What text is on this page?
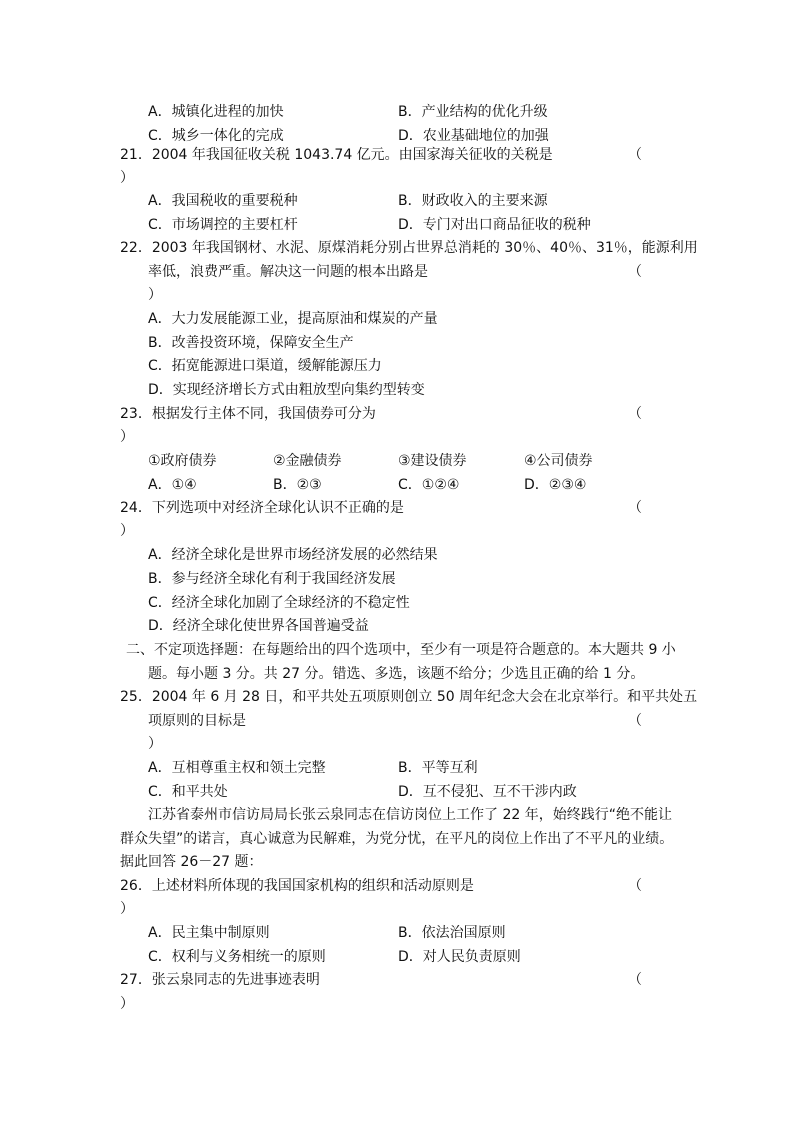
A．城镇化进程的加快	B．产业结构的优化升级
C．城乡一体化的完成	D．农业基础地位的加强
21．2004 年我国征收关税 1043.74 亿元。由国家海关征收的关税是	（
）
A．我国税收的重要税种	B．财政收入的主要来源
C．市场调控的主要杠杆	D．专门对出口商品征收的税种
22．2003 年我国钢材、水泥、原煤消耗分别占世界总消耗的 30％、40％、31％，能源利用
率低，浪费严重。解决这一问题的根本出路是	（
）
A．大力发展能源工业，提高原油和煤炭的产量
B．改善投资环境，保障安全生产
C．拓宽能源进口渠道，缓解能源压力
D．实现经济增长方式由粗放型向集约型转变
23．根据发行主体不同，我国债券可分为	（
）
①政府债券	②金融债券	③建设债券	④公司债券
A．①④	B．②③	C．①②④	D．②③④
24．下列选项中对经济全球化认识不正确的是	（
）
A．经济全球化是世界市场经济发展的必然结果
B．参与经济全球化有利于我国经济发展
C．经济全球化加剧了全球经济的不稳定性
D．经济全球化使世界各国普遍受益
二、不定项选择题：在每题给出的四个选项中，至少有一项是符合题意的。本大题共 9 小
题。每小题 3 分。共 27 分。错选、多选，该题不给分；少选且正确的给 1 分。
25．2004 年 6 月 28 日，和平共处五项原则创立 50 周年纪念大会在北京举行。和平共处五
项原则的目标是	（
）
A．互相尊重主权和领土完整	B．平等互利
C．和平共处	D．互不侵犯、互不干涉内政
江苏省泰州市信访局局长张云泉同志在信访岗位上工作了 22 年，始终践行“绝不能让
群众失望”的诺言，真心诚意为民解难，为党分忧，在平凡的岗位上作出了不平凡的业绩。
据此回答 26－27 题：
26．上述材料所体现的我国国家机构的组织和活动原则是	（
）
A．民主集中制原则	B．依法治国原则
C．权利与义务相统一的原则	D．对人民负责原则
27．张云泉同志的先进事迹表明	（
）
